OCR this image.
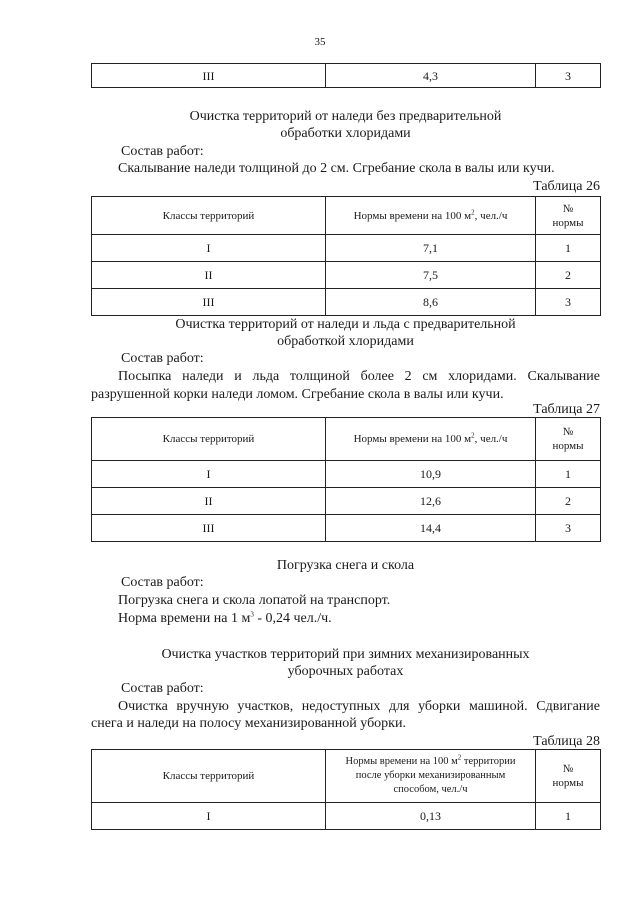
35
III	4,3	3
Очистка территорий от наледи без предварительной
обработки хлоридами
Состав работ:
Скалывание наледи толщиной до 2 см. Сгребание скола в валы или кучи.
Таблица 26
Классы территорий	Нормы времени на 100 $м^2$, чел./ч	№
нормы
I	7,1	1
II	7,5	2
III	8,6	3
Очистка территорий от наледи и льда с предварительной
обработкой хлоридами
Состав работ:
Посыпка наледи и льда толщиной более 2 см хлоридами. Скалывание
разрушенной корки наледи ломом. Сгребание скола в валы или кучи.
Таблица 27
Классы территорий	Нормы времени на 100 $м^2$, чел./ч	№
нормы
I	10,9	1
II	12,6	2
III	14,4	3
Погрузка снега и скола
Состав работ:
Погрузка снега и скола лопатой на транспорт.
Норма времени на 1 $м^3 - 0,24$ чел./ч.
Очистка участков территорий при зимних механизированных
уборочных работах
Состав работ:
Очистка вручную участков, недоступных для уборки машиной. Сдвигание
снега и наледи на полосу механизированной уборки.
Таблица 28
Классы территорий	Нормы времени на 100 $м^2$ территории
после уборки механизированным
способом, чел./ч	№
нормы
I	0,13	1
